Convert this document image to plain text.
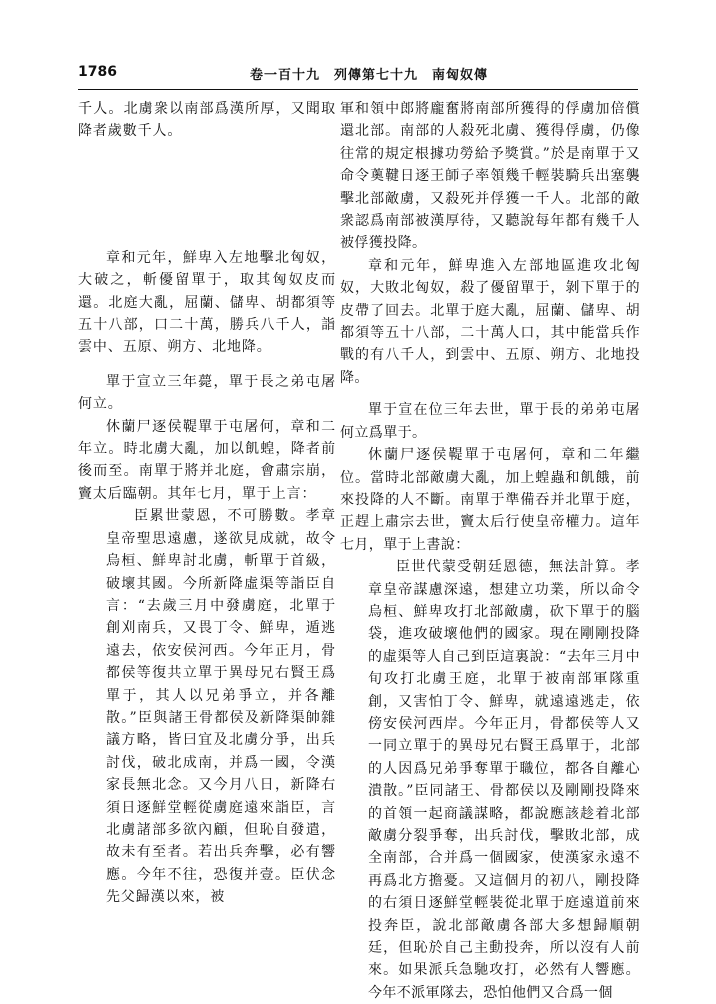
1786	卷一百十九　列傳第七十九　南匈奴傳

千人。北虜衆以南部爲漢所厚，又聞取降者歲數千人。

章和元年，鮮卑入左地擊北匈奴，大破之，斬優留單于，取其匈奴皮而還。北庭大亂，屈蘭、儲卑、胡都須等五十八部，口二十萬，勝兵八千人，詣雲中、五原、朔方、北地降。

單于宣立三年薨，單于長之弟屯屠何立。

休蘭尸逐侯鞮單于屯屠何，章和二年立。時北虜大亂，加以飢蝗，降者前後而至。南單于將并北庭，會肅宗崩，竇太后臨朝。其年七月，單于上言：

臣累世蒙恩，不可勝數。孝章皇帝聖思遠慮，遂欲見成就，故令烏桓、鮮卑討北虜，斬單于首級，破壞其國。今所新降虛渠等詣臣自言：“去歲三月中發虜庭，北單于創刈南兵，又畏丁令、鮮卑，遁逃遠去，依安侯河西。今年正月，骨都侯等復共立單于異母兄右賢王爲單于，其人以兄弟爭立，并各離散。”臣與諸王骨都侯及新降渠帥雜議方略，皆曰宜及北虜分爭，出兵討伐，破北成南，并爲一國，令漢家長無北念。又今月八日，新降右須日逐鮮堂輕從虜庭遠來詣臣，言北虜諸部多欲內顧，但恥自發遣，故未有至者。若出兵奔擊，必有響應。今年不往，恐復并壹。臣伏念先父歸漢以來，被

軍和領中郎將龐奮將南部所獲得的俘虜加倍償還北部。南部的人殺死北虜、獲得俘虜，仍像往常的規定根據功勞給予獎賞。”於是南單于又命令薁鞬日逐王師子率領幾千輕裝騎兵出塞襲擊北部敵虜，又殺死并俘獲一千人。北部的敵衆認爲南部被漢厚待，又聽說每年都有幾千人被俘獲投降。

章和元年，鮮卑進入左部地區進攻北匈奴，大敗北匈奴，殺了優留單于，剝下單于的皮帶了回去。北單于庭大亂，屈蘭、儲卑、胡都須等五十八部，二十萬人口，其中能當兵作戰的有八千人，到雲中、五原、朔方、北地投降。

單于宣在位三年去世，單于長的弟弟屯屠何立爲單于。

休蘭尸逐侯鞮單于屯屠何，章和二年繼位。當時北部敵虜大亂，加上蝗蟲和飢餓，前來投降的人不斷。南單于準備吞并北單于庭，正趕上肅宗去世，竇太后行使皇帝權力。這年七月，單于上書說：

臣世代蒙受朝廷恩德，無法計算。孝章皇帝謀慮深遠，想建立功業，所以命令烏桓、鮮卑攻打北部敵虜，砍下單于的腦袋，進攻破壞他們的國家。現在剛剛投降的虛渠等人自己到臣這裏說：“去年三月中旬攻打北虜王庭，北單于被南部軍隊重創，又害怕丁令、鮮卑，就遠遠逃走，依傍安侯河西岸。今年正月，骨都侯等人又一同立單于的異母兄右賢王爲單于，北部的人因爲兄弟爭奪單于職位，都各自離心潰散。”臣同諸王、骨都侯以及剛剛投降來的首領一起商議謀略，都說應該趁着北部敵虜分裂爭奪，出兵討伐，擊敗北部，成全南部，合并爲一個國家，使漢家永遠不再爲北方擔憂。又這個月的初八，剛投降的右須日逐鮮堂輕裝從北單于庭遠道前來投奔臣，說北部敵虜各部大多想歸順朝廷，但恥於自己主動投奔，所以沒有人前來。如果派兵急馳攻打，必然有人響應。今年不派軍隊去，恐怕他們又合爲一個
